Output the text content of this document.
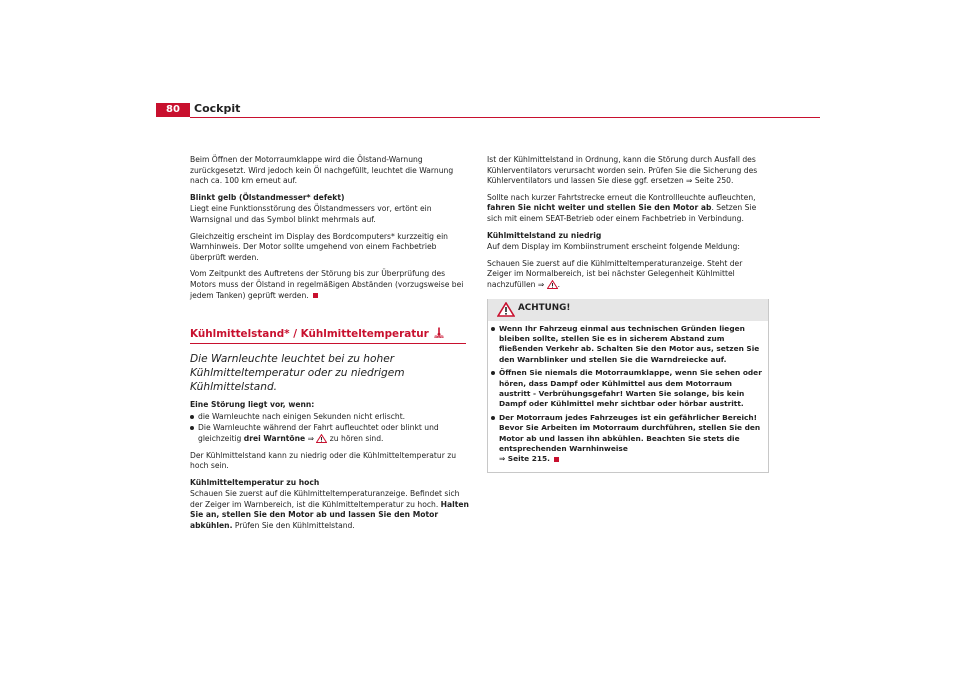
80	Cockpit

Beim Öffnen der Motorraumklappe wird die Ölstand-Warnung zurückgesetzt. Wird jedoch kein Öl nachgefüllt, leuchtet die Warnung nach ca. 100 km erneut auf.

Blinkt gelb (Ölstandmesser* defekt)

Liegt eine Funktionsstörung des Ölstandmessers vor, ertönt ein Warnsignal und das Symbol blinkt mehrmals auf.

Gleichzeitig erscheint im Display des Bordcomputers* kurzzeitig ein Warnhinweis. Der Motor sollte umgehend von einem Fachbetrieb überprüft werden.

Vom Zeitpunkt des Auftretens der Störung bis zur Überprüfung des Motors muss der Ölstand in regelmäßigen Abständen (vorzugsweise bei jedem Tanken) geprüft werden.

Kühlmittelstand* / Kühlmitteltemperatur
Die Warnleuchte leuchtet bei zu hoher Kühlmitteltemperatur oder zu niedrigem Kühlmittelstand.
Eine Störung liegt vor, wenn:
die Warnleuchte nach einigen Sekunden nicht erlischt.
Die Warnleuchte während der Fahrt aufleuchtet oder blinkt und gleichzeitig drei Warntöne ⇒  zu hören sind.

Der Kühlmittelstand kann zu niedrig oder die Kühlmitteltemperatur zu hoch sein.

Kühlmitteltemperatur zu hoch

Schauen Sie zuerst auf die Kühlmitteltemperaturanzeige. Befindet sich der Zeiger im Warnbereich, ist die Kühlmitteltemperatur zu hoch. Halten Sie an, stellen Sie den Motor ab und lassen Sie den Motor abkühlen. Prüfen Sie den Kühlmittelstand.

Ist der Kühlmittelstand in Ordnung, kann die Störung durch Ausfall des Kühlerventilators verursacht worden sein. Prüfen Sie die Sicherung des Kühlerventilators und lassen Sie diese ggf. ersetzen ⇒ Seite 250.

Sollte nach kurzer Fahrtstrecke erneut die Kontrollleuchte aufleuchten, fahren Sie nicht weiter und stellen Sie den Motor ab. Setzen Sie sich mit einem SEAT-Betrieb oder einem Fachbetrieb in Verbindung.

Kühlmittelstand zu niedrig

Auf dem Display im Kombiinstrument erscheint folgende Meldung:

Schauen Sie zuerst auf die Kühlmitteltemperaturanzeige. Steht der Zeiger im Normalbereich, ist bei nächster Gelegenheit Kühlmittel nachzufüllen ⇒ .

ACHTUNG!
Wenn Ihr Fahrzeug einmal aus technischen Gründen liegen bleiben sollte, stellen Sie es in sicherem Abstand zum fließenden Verkehr ab. Schalten Sie den Motor aus, setzen Sie den Warnblinker und stellen Sie die Warndreiecke auf.
Öffnen Sie niemals die Motorraumklappe, wenn Sie sehen oder hören, dass Dampf oder Kühlmittel aus dem Motorraum austritt - Verbrühungsgefahr! Warten Sie solange, bis kein Dampf oder Kühlmittel mehr sichtbar oder hörbar austritt.
Der Motorraum jedes Fahrzeuges ist ein gefährlicher Bereich! Bevor Sie Arbeiten im Motorraum durchführen, stellen Sie den Motor ab und lassen ihn abkühlen. Beachten Sie stets die entsprechenden Warnhinweise
⇒ Seite 215.
